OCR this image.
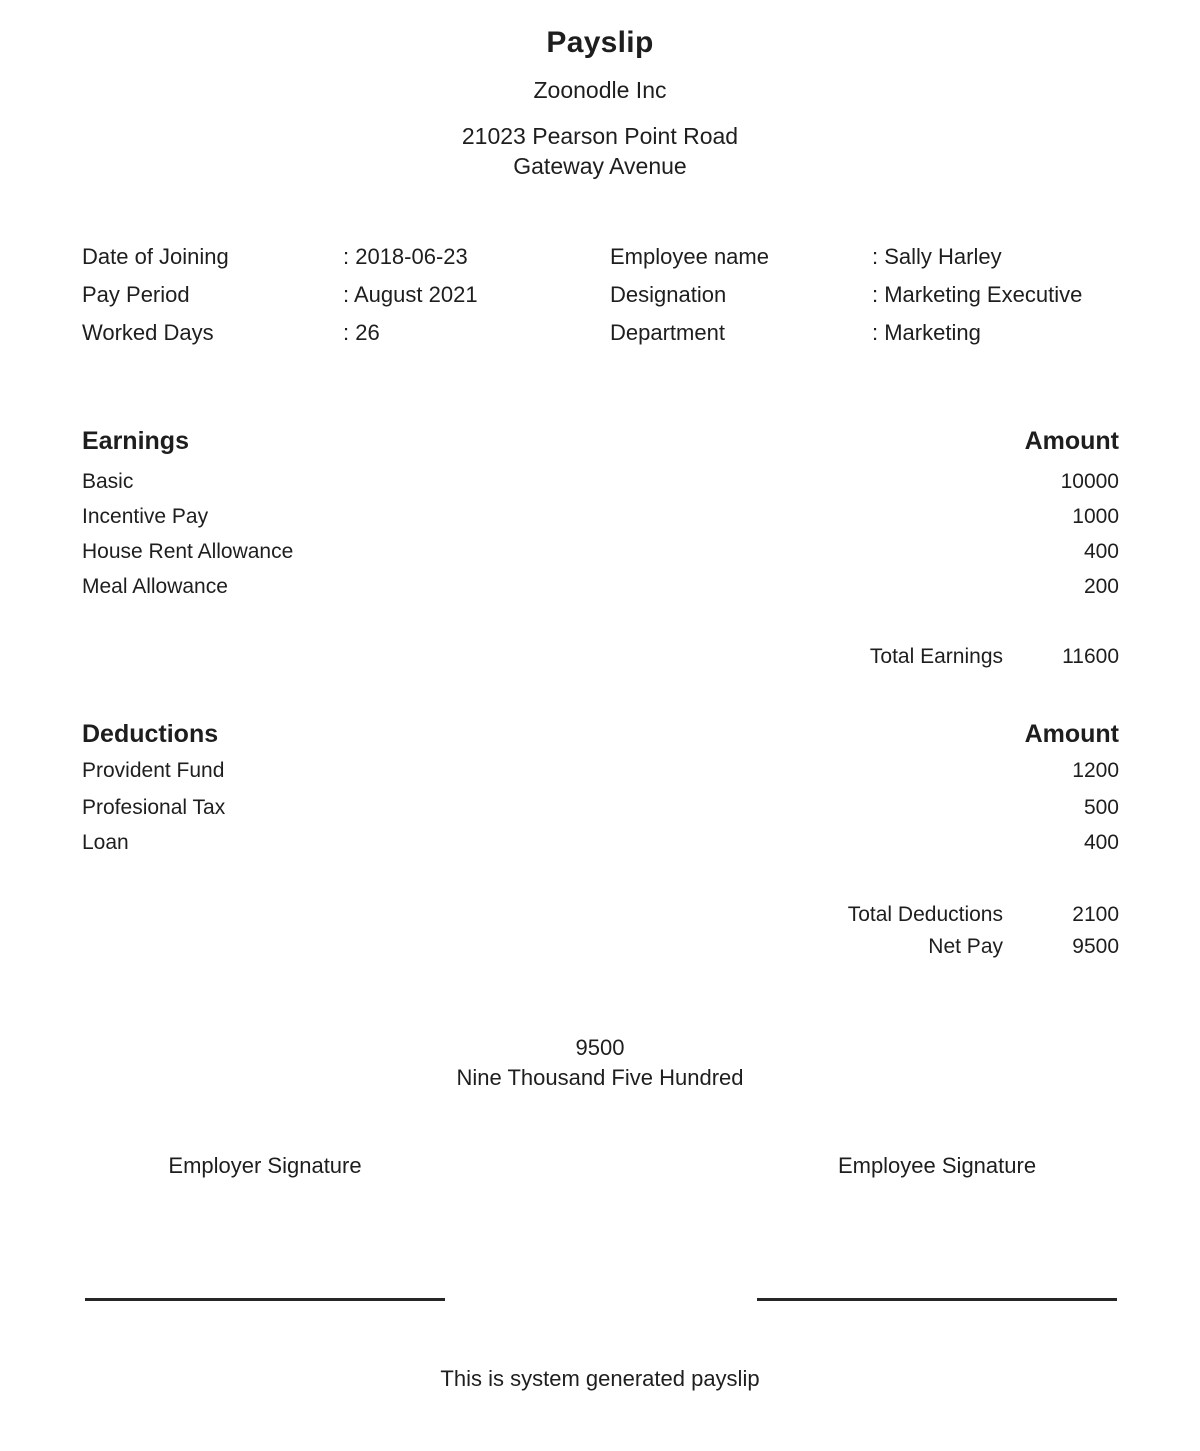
Payslip
Zoonodle Inc
21023 Pearson Point Road
Gateway Avenue
Date of Joining	: 2018-06-23	Employee name	: Sally Harley
Pay Period	: August 2021	Designation	: Marketing Executive
Worked Days	: 26	Department	: Marketing
Earnings	Amount
Basic	10000
Incentive Pay	1000
House Rent Allowance	400
Meal Allowance	200
Total Earnings	11600
Deductions	Amount
Provident Fund	1200
Profesional Tax	500
Loan	400
Total Deductions	2100
Net Pay	9500
9500
Nine Thousand Five Hundred
Employer Signature	Employee Signature
This is system generated payslip
